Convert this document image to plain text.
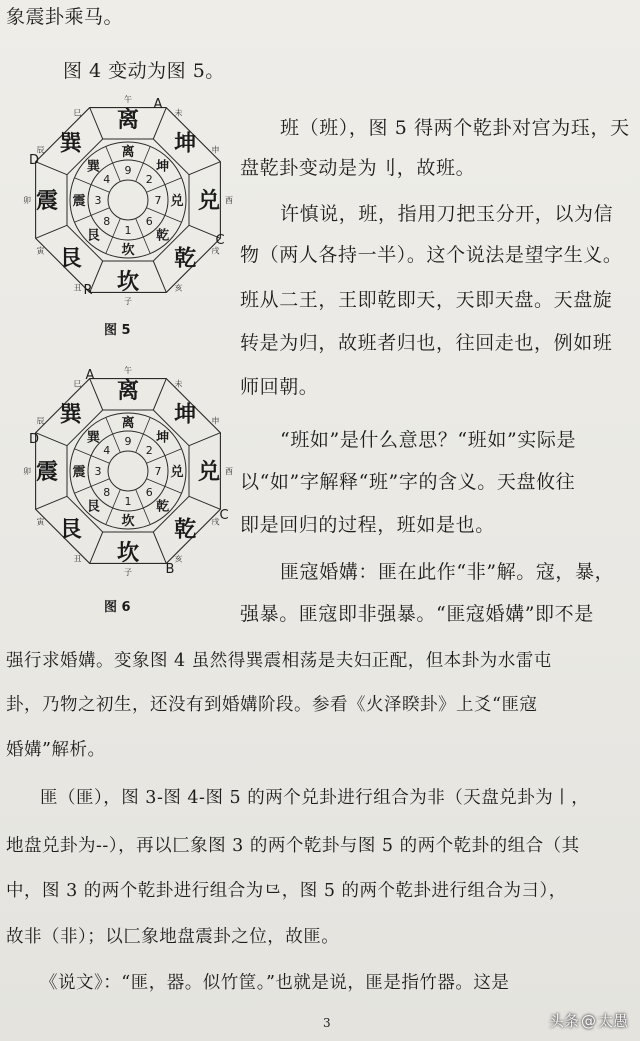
象震卦乘马。
图 4 变动为图 5。
离
坤
兑
乾
坎
艮
震
巽
午
未
申
酉
戌
亥
子
丑
寅
卯
辰
巳
离
坤
兑
乾
坎
艮
震
巽 9
2
7
6
1
8
3
4
A
C
D
R
图 5
离
坤
兑
乾
坎
艮
震
巽
午
未
申
酉
戌
亥
子
丑
寅
卯
辰
巳
离
坤
兑
乾
坎
艮
震
巽 9
2
7
6
1
8
3
4
A
B
C
D
图 6
班（班），图 5 得两个乾卦对宫为珏，天
盘乾卦变动是为刂，故班。
许慎说，班，指用刀把玉分开，以为信
物（两人各持一半）。这个说法是望字生义。
班从二王，王即乾即天，天即天盘。天盘旋
转是为归，故班者归也，往回走也，例如班
师回朝。
“班如”是什么意思？“班如”实际是
以“如”字解释“班”字的含义。天盘攸往
即是回归的过程，班如是也。
匪寇婚媾：匪在此作“非”解。寇，暴，
强暴。匪寇即非强暴。“匪寇婚媾”即不是
强行求婚媾。变象图 4 虽然得巽震相荡是夫妇正配，但本卦为水雷屯
卦，乃物之初生，还没有到婚媾阶段。参看《火泽睽卦》上爻“匪寇
婚媾”解析。
匪（匪），图 3-图 4-图 5 的两个兑卦进行组合为非（天盘兑卦为丨，
地盘兑卦为--），再以匚象图 3 的两个乾卦与图 5 的两个乾卦的组合（其
中，图 3 的两个乾卦进行组合为⺋，图 5 的两个乾卦进行组合为⺕），
故非（非）；以匚象地盘震卦之位，故匪。
《说文》：“匪，器。似竹筐。”也就是说，匪是指竹器。这是
3	头条 @ 太愚
